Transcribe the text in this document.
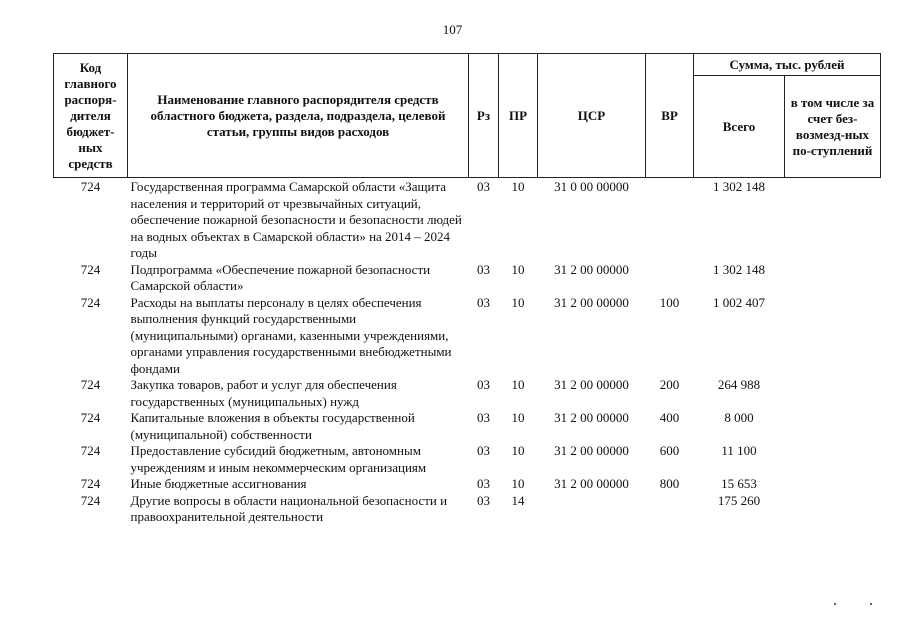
107
Код главного распоря-дителя бюджет-ных средств	Наименование главного распорядителя средств областного бюджета, раздела, подраздела, целевой статьи, группы видов расходов	Рз	ПР	ЦСР	ВР	Сумма, тыс. рублей	
						Всего	в том числе за счет без-возмезд-ных по-ступлений
724	Государственная программа Самарской области «Защита населения и территорий от чрезвычайных ситуаций, обеспечение пожарной безопасности и безопасности людей на водных объектах в Самарской области» на 2014 – 2024 годы	03	10	31 0 00 00000		1 302 148	
724	Подпрограмма «Обеспечение пожарной безопасности Самарской области»	03	10	31 2 00 00000		1 302 148	
724	Расходы на выплаты персоналу в целях обеспечения выполнения функций государственными (муниципальными) органами, казенными учреждениями, органами управления государственными внебюджетными фондами	03	10	31 2 00 00000	100	1 002 407	
724	Закупка товаров, работ и услуг для обеспечения государственных (муниципальных) нужд	03	10	31 2 00 00000	200	264 988	
724	Капитальные вложения в объекты государственной (муниципальной) собственности	03	10	31 2 00 00000	400	8 000	
724	Предоставление субсидий бюджетным, автономным учреждениям и иным некоммерческим организациям	03	10	31 2 00 00000	600	11 100	
724	Иные бюджетные ассигнования	03	10	31 2 00 00000	800	15 653	
724	Другие вопросы в области национальной безопасности и правоохранительной деятельности	03	14			175 260	
